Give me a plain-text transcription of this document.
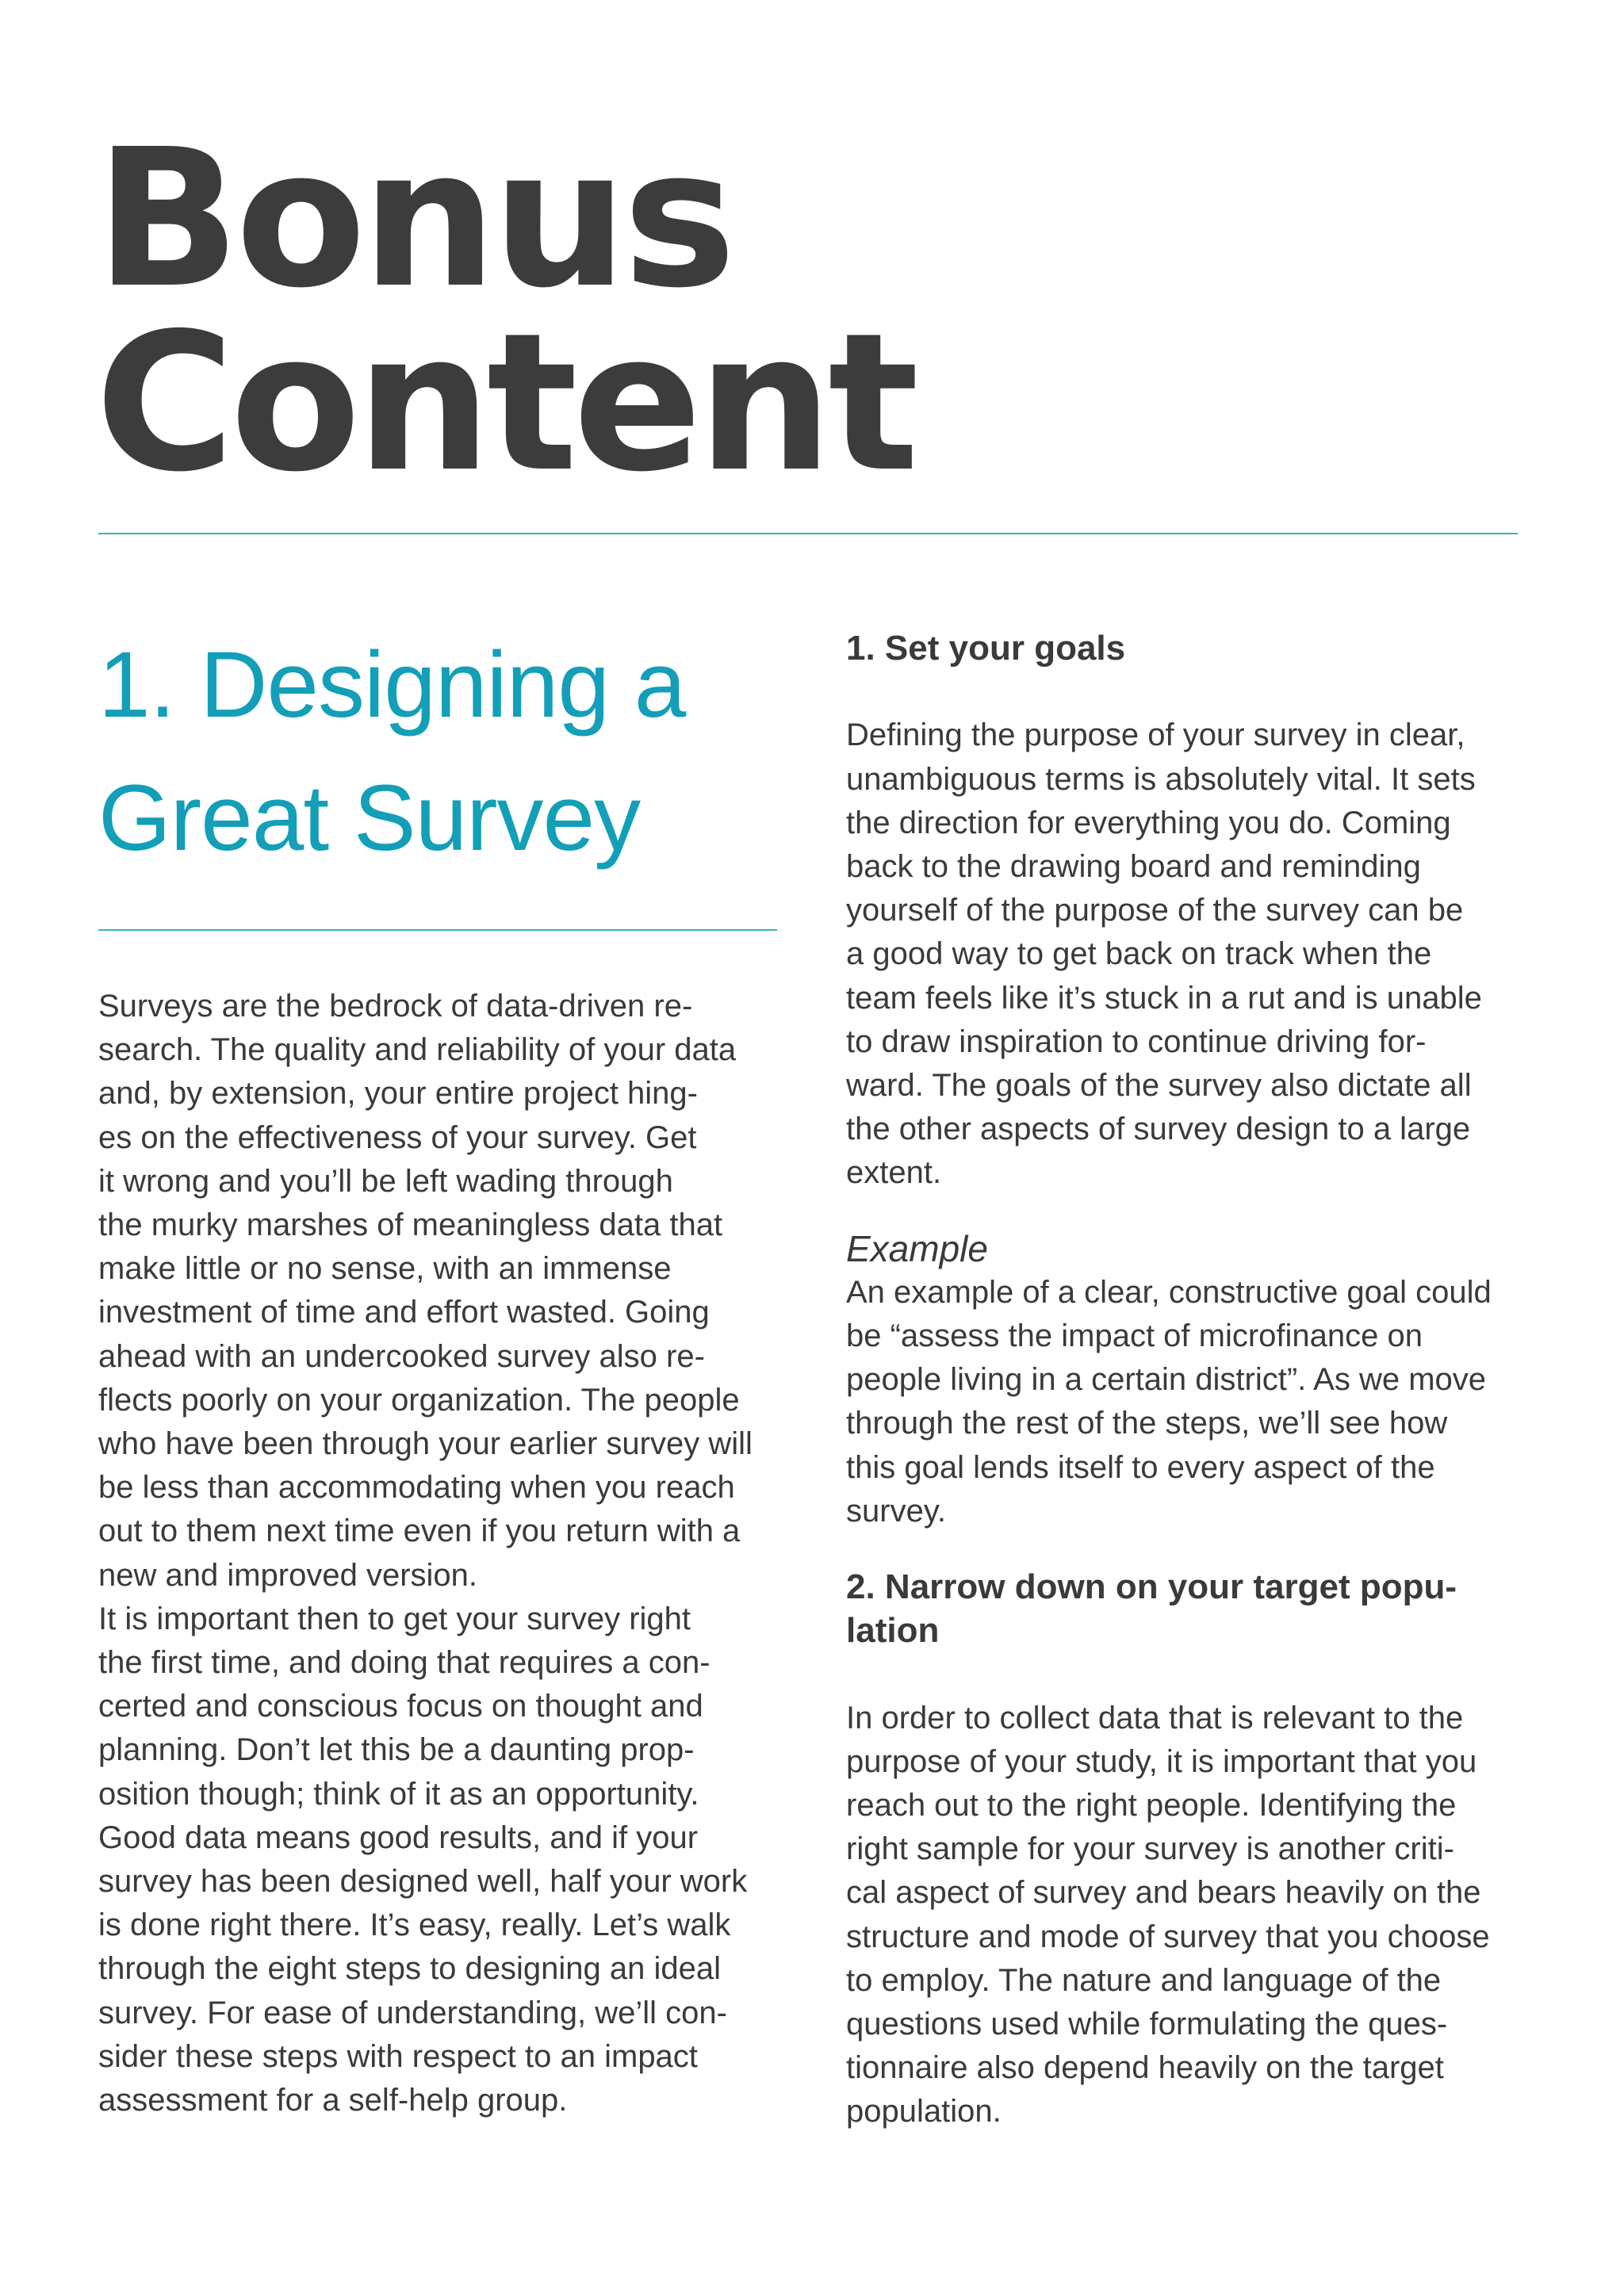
Bonus
Content
1. Designing a
Great Survey

Surveys are the bedrock of data-driven re-
search. The quality and reliability of your data
and, by extension, your entire project hing-
es on the effectiveness of your survey. Get
it wrong and you’ll be left wading through
the murky marshes of meaningless data that
make little or no sense, with an immense
investment of time and effort wasted. Going
ahead with an undercooked survey also re-
flects poorly on your organization. The people
who have been through your earlier survey will
be less than accommodating when you reach
out to them next time even if you return with a
new and improved version.
It is important then to get your survey right
the first time, and doing that requires a con-
certed and conscious focus on thought and
planning. Don’t let this be a daunting prop-
osition though; think of it as an opportunity.
Good data means good results, and if your
survey has been designed well, half your work
is done right there. It’s easy, really. Let’s walk
through the eight steps to designing an ideal
survey. For ease of understanding, we’ll con-
sider these steps with respect to an impact
assessment for a self-help group.

1. Set your goals

Defining the purpose of your survey in clear,
unambiguous terms is absolutely vital. It sets
the direction for everything you do. Coming
back to the drawing board and reminding
yourself of the purpose of the survey can be
a good way to get back on track when the
team feels like it’s stuck in a rut and is unable
to draw inspiration to continue driving for-
ward. The goals of the survey also dictate all
the other aspects of survey design to a large
extent.

Example

An example of a clear, constructive goal could
be “assess the impact of microfinance on
people living in a certain district”. As we move
through the rest of the steps, we’ll see how
this goal lends itself to every aspect of the
survey.

2. Narrow down on your target popu-
lation

In order to collect data that is relevant to the
purpose of your study, it is important that you
reach out to the right people. Identifying the
right sample for your survey is another criti-
cal aspect of survey and bears heavily on the
structure and mode of survey that you choose
to employ. The nature and language of the
questions used while formulating the ques-
tionnaire also depend heavily on the target
population.
